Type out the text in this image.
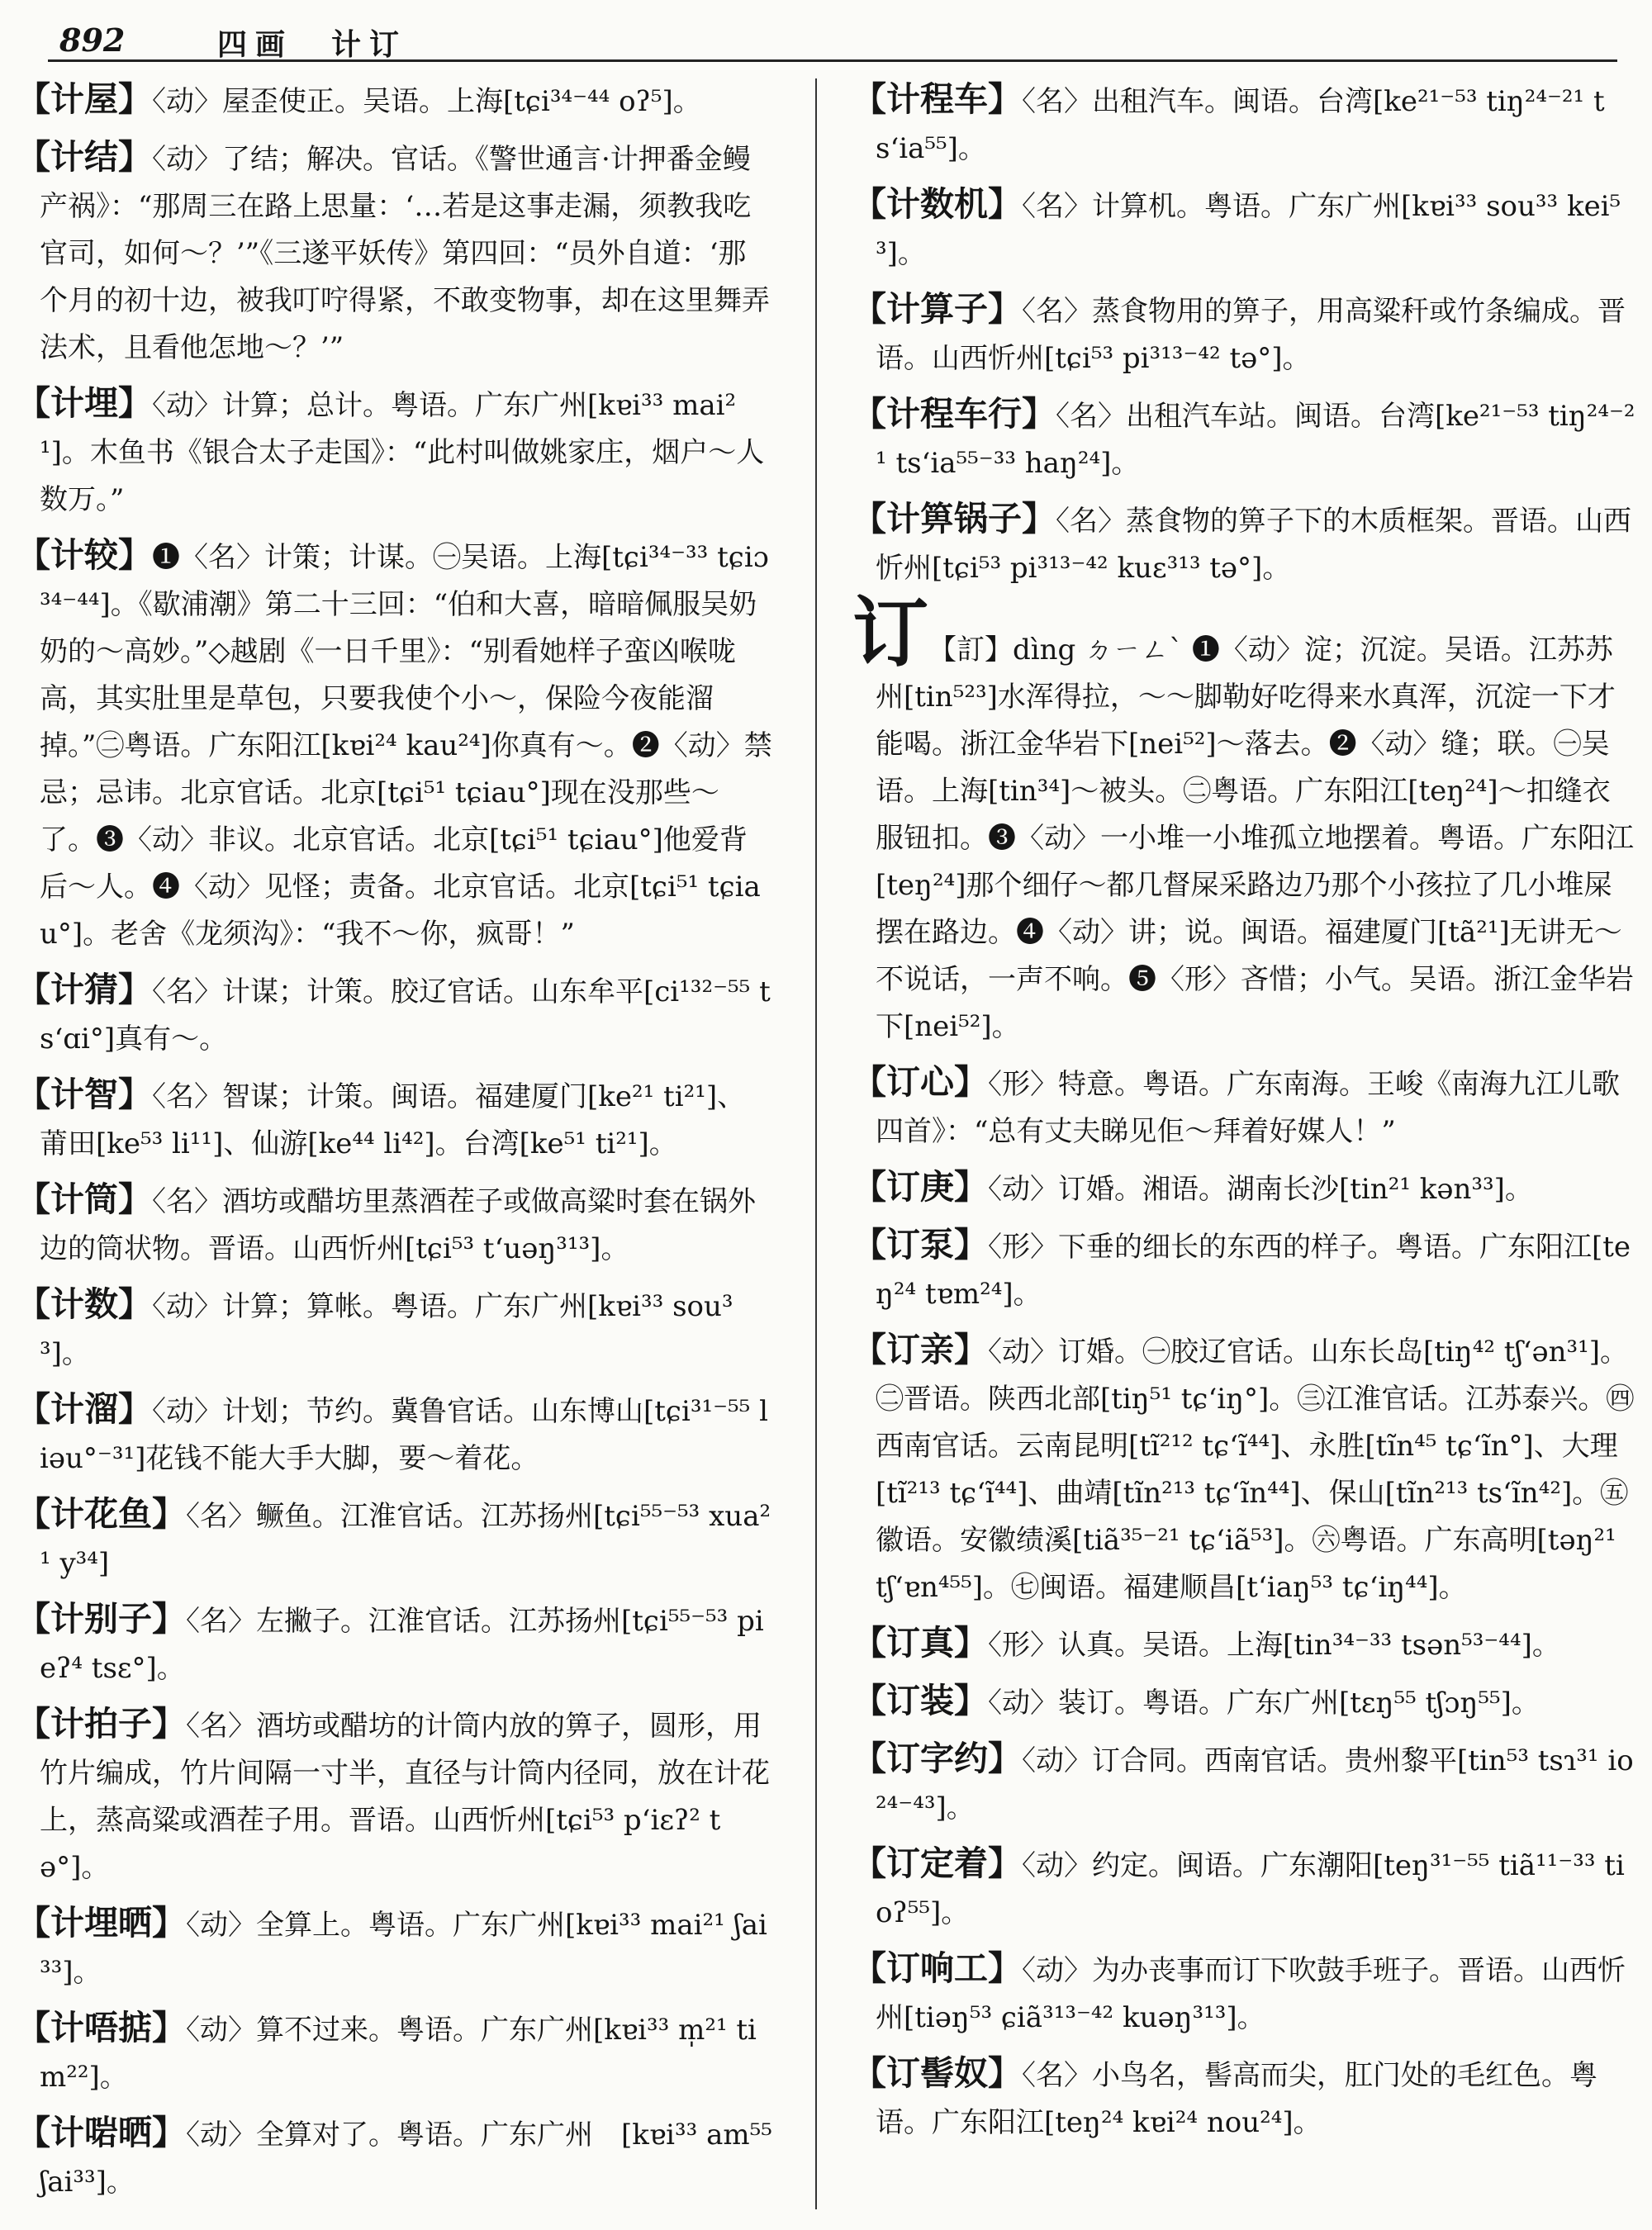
892	四画　计订
【计屋】〈动〉屋歪使正。吴语。上海[tɕi³⁴⁻⁴⁴ oʔ⁵]。
【计结】〈动〉了结；解决。官话。《警世通言·计押番金鳗产祸》：“那周三在路上思量：‘…若是这事走漏，须教我吃官司，如何～？’”《三遂平妖传》第四回：“员外自道：‘那个月的初十边，被我叮咛得紧，不敢变物事，却在这里舞弄法术，且看他怎地～？’”
【计埋】〈动〉计算；总计。粤语。广东广州[kɐi³³ mai²¹]。木鱼书《银合太子走国》：“此村叫做姚家庄，烟户～人数万。”
【计较】❶〈名〉计策；计谋。㊀吴语。上海[tɕi³⁴⁻³³ tɕiɔ³⁴⁻⁴⁴]。《歇浦潮》第二十三回：“伯和大喜，暗暗佩服吴奶奶的～高妙。”◇越剧《一日千里》：“别看她样子蛮凶喉咙高，其实肚里是草包，只要我使个小～，保险今夜能溜掉。”㊁粤语。广东阳江[kɐi²⁴ kau²⁴]你真有～。❷〈动〉禁忌；忌讳。北京官话。北京[tɕi⁵¹ tɕiau°]现在没那些～了。❸〈动〉非议。北京官话。北京[tɕi⁵¹ tɕiau°]他爱背后～人。❹〈动〉见怪；责备。北京官话。北京[tɕi⁵¹ tɕiau°]。老舍《龙须沟》：“我不～你，疯哥！”
【计猜】〈名〉计谋；计策。胶辽官话。山东牟平[ci¹³²⁻⁵⁵ ts‘ɑi°]真有～。
【计智】〈名〉智谋；计策。闽语。福建厦门[ke²¹ ti²¹]、莆田[ke⁵³ li¹¹]、仙游[ke⁴⁴ li⁴²]。台湾[ke⁵¹ ti²¹]。
【计筒】〈名〉酒坊或醋坊里蒸酒茬子或做高粱时套在锅外边的筒状物。晋语。山西忻州[tɕi⁵³ t‘uəŋ³¹³]。
【计数】〈动〉计算；算帐。粤语。广东广州[kɐi³³ sou³³]。
【计溜】〈动〉计划；节约。冀鲁官话。山东博山[tɕi³¹⁻⁵⁵ liəu°⁻³¹]花钱不能大手大脚，要～着花。
【计花鱼】〈名〉鳜鱼。江淮官话。江苏扬州[tɕi⁵⁵⁻⁵³ xua²¹ y³⁴]
【计别子】〈名〉左撇子。江淮官话。江苏扬州[tɕi⁵⁵⁻⁵³ pieʔ⁴ tsɛ°]。
【计拍子】〈名〉酒坊或醋坊的计筒内放的箅子，圆形，用竹片编成，竹片间隔一寸半，直径与计筒内径同，放在计花上，蒸高粱或酒茬子用。晋语。山西忻州[tɕi⁵³ p‘iɛʔ² tə°]。
【计埋晒】〈动〉全算上。粤语。广东广州[kɐi³³ mai²¹ ʃai³³]。
【计唔掂】〈动〉算不过来。粤语。广东广州[kɐi³³ m̩²¹ tim²²]。
【计啱晒】〈动〉全算对了。粤语。广东广州　[kɐi³³ am⁵⁵ ʃai³³]。
【计程车】〈名〉出租汽车。闽语。台湾[ke²¹⁻⁵³ tiŋ²⁴⁻²¹ ts‘ia⁵⁵]。
【计数机】〈名〉计算机。粤语。广东广州[kɐi³³ sou³³ kei⁵³]。
【计算子】〈名〉蒸食物用的箅子，用高粱秆或竹条编成。晋语。山西忻州[tɕi⁵³ pi³¹³⁻⁴² tə°]。
【计程车行】〈名〉出租汽车站。闽语。台湾[ke²¹⁻⁵³ tiŋ²⁴⁻²¹ ts‘ia⁵⁵⁻³³ haŋ²⁴]。
【计箅锅子】〈名〉蒸食物的箅子下的木质框架。晋语。山西忻州[tɕi⁵³ pi³¹³⁻⁴² kuɛ³¹³ tə°]。
订【訂】dìng ㄉㄧㄥˋ ❶〈动〉淀；沉淀。吴语。江苏苏州[tin⁵²³]水浑得拉，～～脚勒好吃得来水真浑，沉淀一下才能喝。浙江金华岩下[nei⁵²]～落去。❷〈动〉缝；联。㊀吴语。上海[tin³⁴]～被头。㊁粤语。广东阳江[teŋ²⁴]～扣缝衣服钮扣。❸〈动〉一小堆一小堆孤立地摆着。粤语。广东阳江[teŋ²⁴]那个细仔～都几督屎采路边乃那个小孩拉了几小堆屎摆在路边。❹〈动〉讲；说。闽语。福建厦门[tã²¹]无讲无～不说话，一声不响。❺〈形〉吝惜；小气。吴语。浙江金华岩下[nei⁵²]。
【订心】〈形〉特意。粤语。广东南海。王峻《南海九江儿歌四首》：“总有丈夫睇见佢～拜着好媒人！”
【订庚】〈动〉订婚。湘语。湖南长沙[tin²¹ kən³³]。
【订泵】〈形〉下垂的细长的东西的样子。粤语。广东阳江[teŋ²⁴ tɐm²⁴]。
【订亲】〈动〉订婚。㊀胶辽官话。山东长岛[tiŋ⁴² tʃ‘ən³¹]。㊁晋语。陕西北部[tiŋ⁵¹ tɕ‘iŋ°]。㊂江淮官话。江苏泰兴。㊃西南官话。云南昆明[tĩ²¹² tɕ‘ĩ⁴⁴]、永胜[tĩn⁴⁵ tɕ‘ĩn°]、大理[tĩ²¹³ tɕ‘ĩ⁴⁴]、曲靖[tĩn²¹³ tɕ‘ĩn⁴⁴]、保山[tĩn²¹³ ts‘ĩn⁴²]。㊄徽语。安徽绩溪[tiã³⁵⁻²¹ tɕ‘iã⁵³]。㊅粤语。广东高明[təŋ²¹ tʃ‘ɐn⁴⁵⁵]。㊆闽语。福建顺昌[t‘iaŋ⁵³ tɕ‘iŋ⁴⁴]。
【订真】〈形〉认真。吴语。上海[tin³⁴⁻³³ tsən⁵³⁻⁴⁴]。
【订装】〈动〉装订。粤语。广东广州[tɛŋ⁵⁵ tʃɔŋ⁵⁵]。
【订字约】〈动〉订合同。西南官话。贵州黎平[tin⁵³ tsɿ³¹ io²⁴⁻⁴³]。
【订定着】〈动〉约定。闽语。广东潮阳[teŋ³¹⁻⁵⁵ tiã¹¹⁻³³ tioʔ⁵⁵]。
【订响工】〈动〉为办丧事而订下吹鼓手班子。晋语。山西忻州[tiəŋ⁵³ ɕiã³¹³⁻⁴² kuəŋ³¹³]。
【订髻奴】〈名〉小鸟名，髻高而尖，肛门处的毛红色。粤语。广东阳江[teŋ²⁴ kɐi²⁴ nou²⁴]。
